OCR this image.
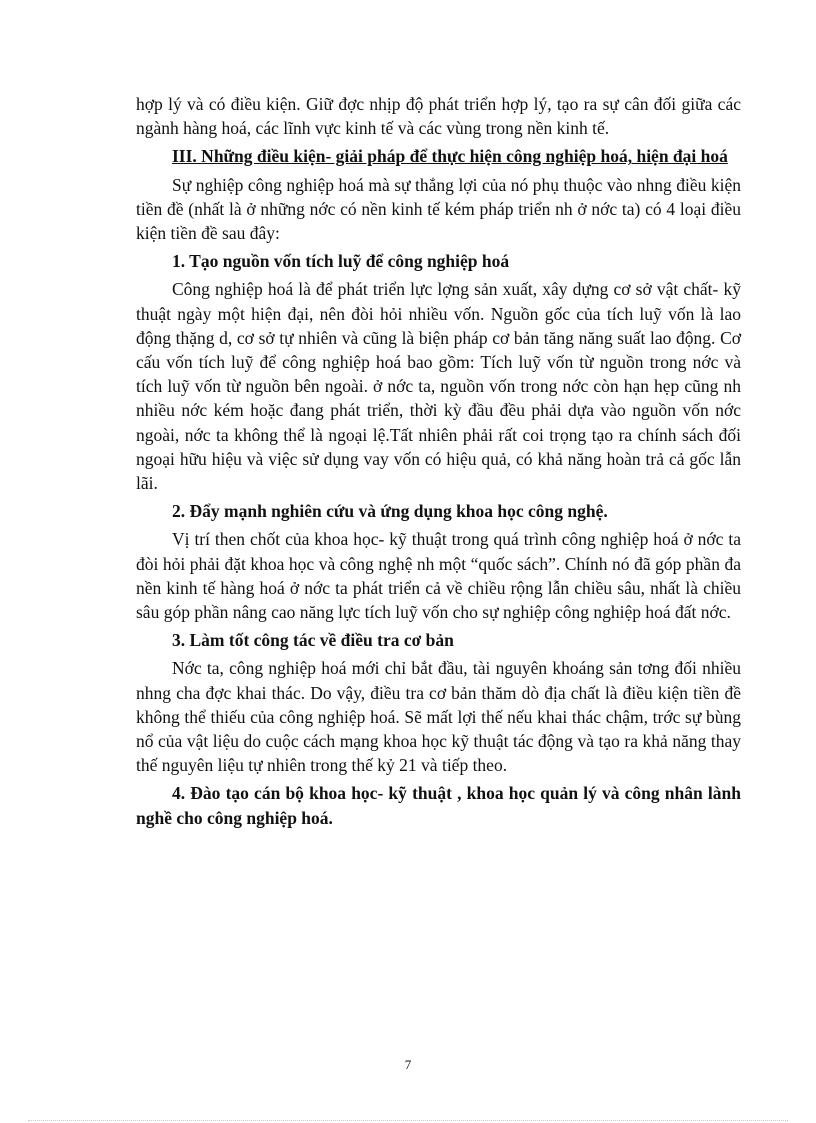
hợp lý và có điều kiện. Giữ đợc nhịp độ phát triển hợp lý, tạo ra sự cân đối giữa các ngành hàng hoá, các lĩnh vực kinh tế và các vùng trong nền kinh tế.

III. Những điều kiện- giải pháp để thực hiện công nghiệp hoá, hiện đại hoá

Sự nghiệp công nghiệp hoá mà sự thắng lợi của nó phụ thuộc vào nhng điều kiện tiền đề (nhất là ở những nớc có nền kinh tế kém pháp triển nh ở nớc ta) có 4 loại điều kiện tiền đề sau đây:

1. Tạo nguồn vốn tích luỹ để công nghiệp hoá

Công nghiệp hoá là để phát triển lực lợng sản xuất, xây dựng cơ sở vật chất- kỹ thuật ngày một hiện đại, nên đòi hỏi nhiều vốn. Nguồn gốc của tích luỹ vốn là lao động thặng d, cơ sở tự nhiên và cũng là biện pháp cơ bản tăng năng suất lao động. Cơ cấu vốn tích luỹ để công nghiệp hoá bao gồm: Tích luỹ vốn từ nguồn trong nớc và tích luỹ vốn từ nguồn bên ngoài. ở nớc ta, nguồn vốn trong nớc còn hạn hẹp cũng nh nhiều nớc kém hoặc đang phát triển, thời kỳ đầu đều phải dựa vào nguồn vốn nớc ngoài, nớc ta không thể là ngoại lệ.Tất nhiên phải rất coi trọng tạo ra chính sách đối ngoại hữu hiệu và việc sử dụng vay vốn có hiệu quả, có khả năng hoàn trả cả gốc lẫn lãi.

2. Đẩy mạnh nghiên cứu và ứng dụng khoa học công nghệ.

Vị trí then chốt của khoa học- kỹ thuật trong quá trình công nghiệp hoá ở nớc ta đòi hỏi phải đặt khoa học và công nghệ nh một “quốc sách”. Chính nó đã góp phần đa nền kinh tế hàng hoá ở nớc ta phát triển cả về chiều rộng lẫn chiều sâu, nhất là chiều sâu góp phần nâng cao năng lực tích luỹ vốn cho sự nghiệp công nghiệp hoá đất nớc.

3. Làm tốt công tác về điều tra cơ bản

Nớc ta, công nghiệp hoá mới chỉ bắt đầu, tài nguyên khoáng sản tơng đối nhiều nhng cha đợc khai thác. Do vậy, điều tra cơ bản thăm dò địa chất là điều kiện tiền đề không thể thiếu của công nghiệp hoá. Sẽ mất lợi thế nếu khai thác chậm, trớc sự bùng nổ của vật liệu do cuộc cách mạng khoa học kỹ thuật tác động và tạo ra khả năng thay thế nguyên liệu tự nhiên trong thế kỷ 21 và tiếp theo.

4. Đào tạo cán bộ khoa học- kỹ thuật , khoa học quản lý và công nhân lành nghề cho công nghiệp hoá.
7
